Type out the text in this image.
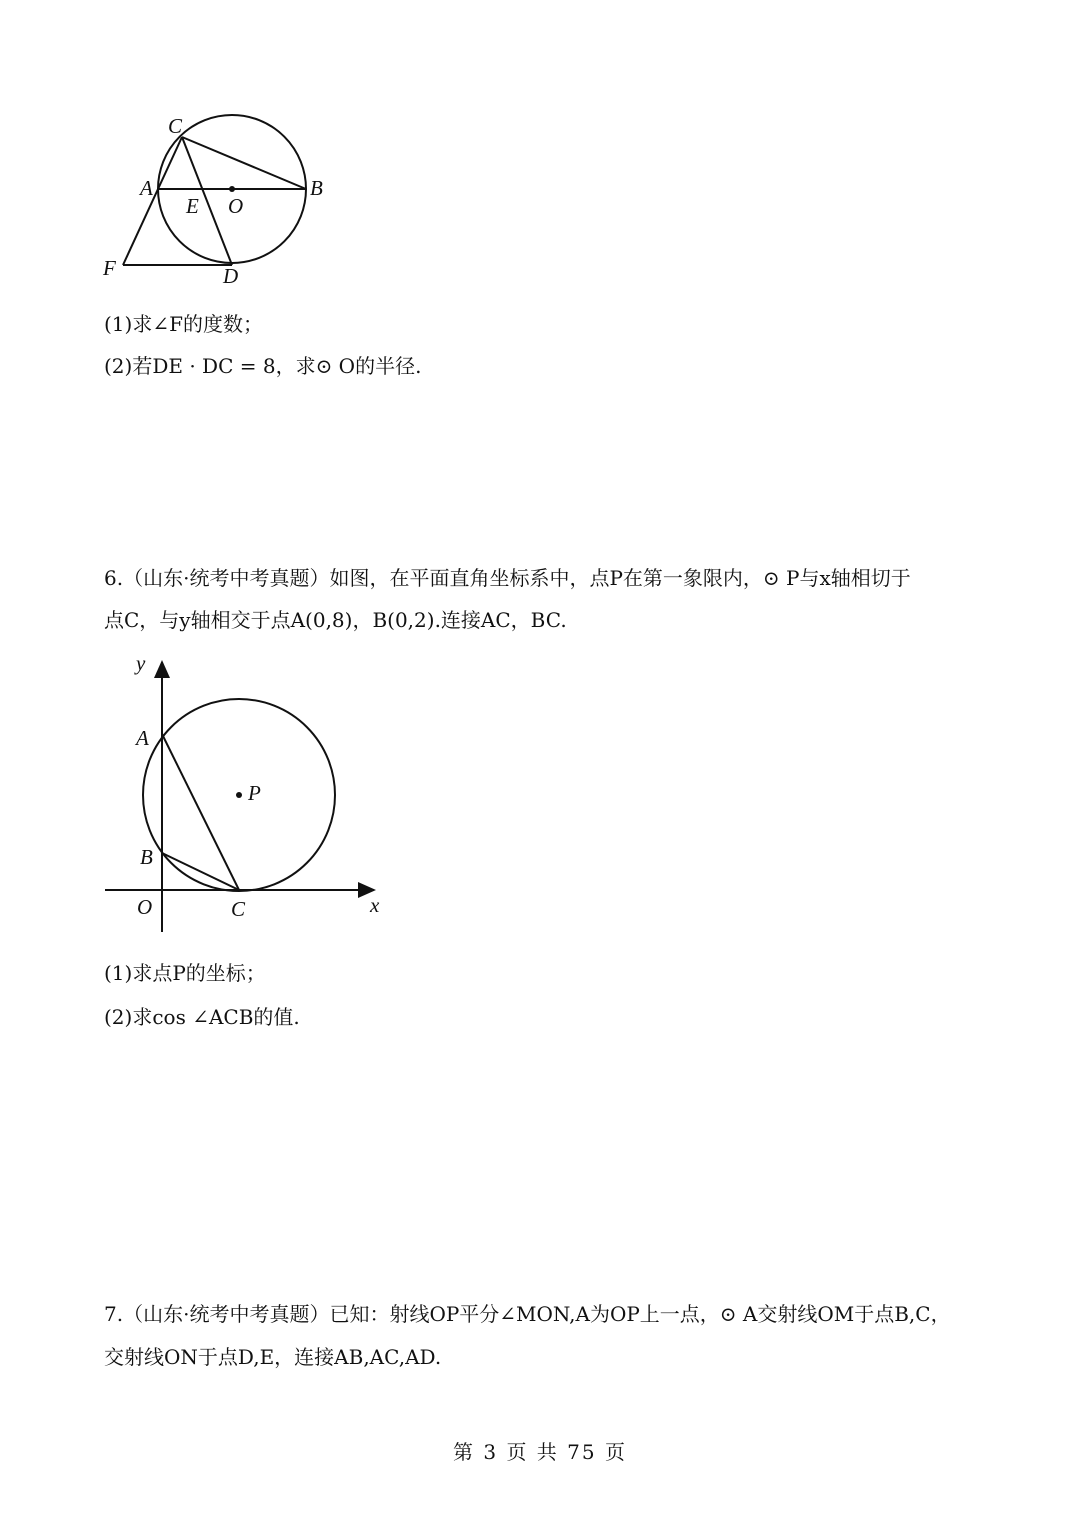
C
A	B
E O
F	D
(1)求∠F的度数；
(2)若DE · DC = 8，求⊙ O的半径.
6.（山东·统考中考真题）如图，在平面直角坐标系中，点P在第一象限内，⊙ P与x轴相切于
点C，与y轴相交于点A(0,8)，B(0,2).连接AC，BC.
y
A
P
B
O	C	x
(1)求点P的坐标；
(2)求cos ∠ACB的值.
7.（山东·统考中考真题）已知：射线OP平分∠MON,A为OP上一点，⊙ A交射线OM于点B,C，
交射线ON于点D,E，连接AB,AC,AD.
第 3 页 共 75 页
